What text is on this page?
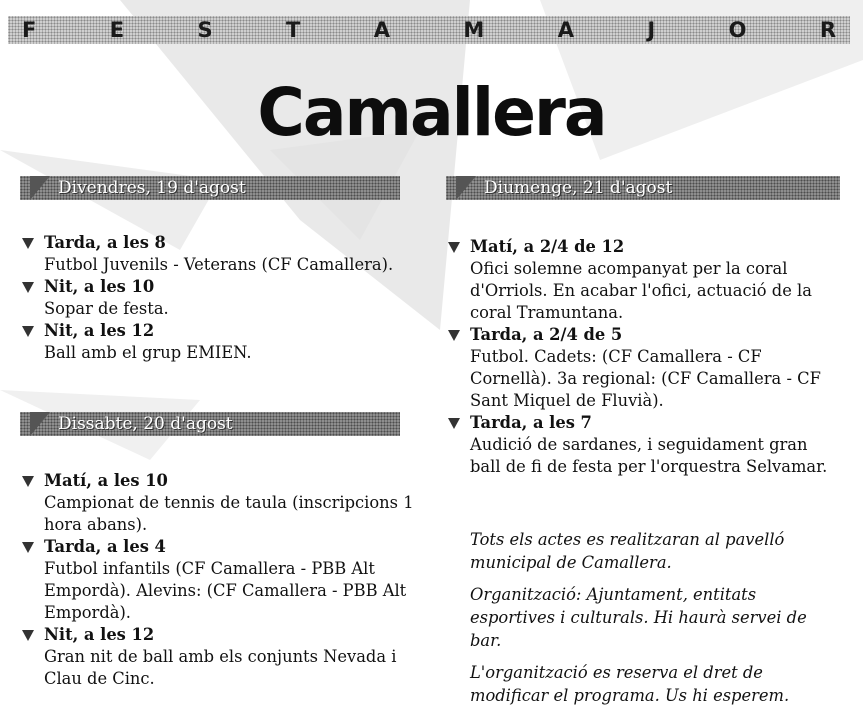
F	E	S	T	A	M	A	J	O	R
Camallera
Divendres, 19 d'agost
Tarda, a les 8
Futbol Juvenils - Veterans (CF Camallera).
Nit, a les 10
Sopar de festa.
Nit, a les 12
Ball amb el grup EMIEN.
Dissabte, 20 d'agost
Matí, a les 10
Campionat de tennis de taula (inscripcions 1 hora abans).
Tarda, a les 4
Futbol infantils (CF Camallera - PBB Alt Empordà). Alevins: (CF Camallera - PBB Alt Empordà).
Nit, a les 12
Gran nit de ball amb els conjunts Nevada i Clau de Cinc.
Diumenge, 21 d'agost
Matí, a 2/4 de 12
Ofici solemne acompanyat per la coral d'Orriols. En acabar l'ofici, actuació de la coral Tramuntana.
Tarda, a 2/4 de 5
Futbol. Cadets: (CF Camallera - CF Cornellà). 3a regional: (CF Camallera - CF Sant Miquel de Fluvià).
Tarda, a les 7
Audició de sardanes, i seguidament gran ball de fi de festa per l'orquestra Selvamar.

Tots els actes es realitzaran al pavelló municipal de Camallera.

Organització: Ajuntament, entitats esportives i culturals. Hi haurà servei de bar.

L'organització es reserva el dret de modificar el programa. Us hi esperem.
